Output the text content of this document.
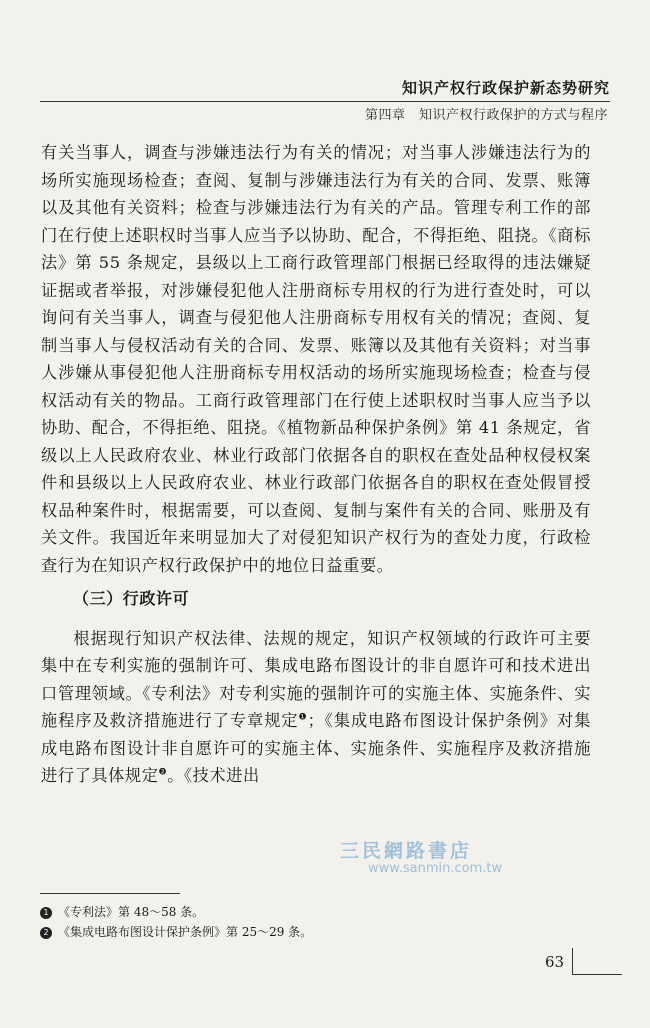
知识产权行政保护新态势研究
第四章　知识产权行政保护的方式与程序

有关当事人，调查与涉嫌违法行为有关的情况；对当事人涉嫌违法行为的场所实施现场检查；查阅、复制与涉嫌违法行为有关的合同、发票、账簿以及其他有关资料；检查与涉嫌违法行为有关的产品。管理专利工作的部门在行使上述职权时当事人应当予以协助、配合，不得拒绝、阻挠。《商标法》第 55 条规定，县级以上工商行政管理部门根据已经取得的违法嫌疑证据或者举报，对涉嫌侵犯他人注册商标专用权的行为进行查处时，可以询问有关当事人，调查与侵犯他人注册商标专用权有关的情况；查阅、复制当事人与侵权活动有关的合同、发票、账簿以及其他有关资料；对当事人涉嫌从事侵犯他人注册商标专用权活动的场所实施现场检查；检查与侵权活动有关的物品。工商行政管理部门在行使上述职权时当事人应当予以协助、配合，不得拒绝、阻挠。《植物新品种保护条例》第 41 条规定，省级以上人民政府农业、林业行政部门依据各自的职权在查处品种权侵权案件和县级以上人民政府农业、林业行政部门依据各自的职权在查处假冒授权品种案件时，根据需要，可以查阅、复制与案件有关的合同、账册及有关文件。我国近年来明显加大了对侵犯知识产权行为的查处力度，行政检查行为在知识产权行政保护中的地位日益重要。

（三）行政许可

根据现行知识产权法律、法规的规定，知识产权领域的行政许可主要集中在专利实施的强制许可、集成电路布图设计的非自愿许可和技术进出口管理领域。《专利法》对专利实施的强制许可的实施主体、实施条件、实施程序及救济措施进行了专章规定$^❶$；《集成电路布图设计保护条例》对集成电路布图设计非自愿许可的实施主体、实施条件、实施程序及救济措施进行了具体规定$^❷$。《技术进出

三民網路書店
www.sanmin.com.tw
1 《专利法》第 48～58 条。
2 《集成电路布图设计保护条例》第 25～29 条。
63
